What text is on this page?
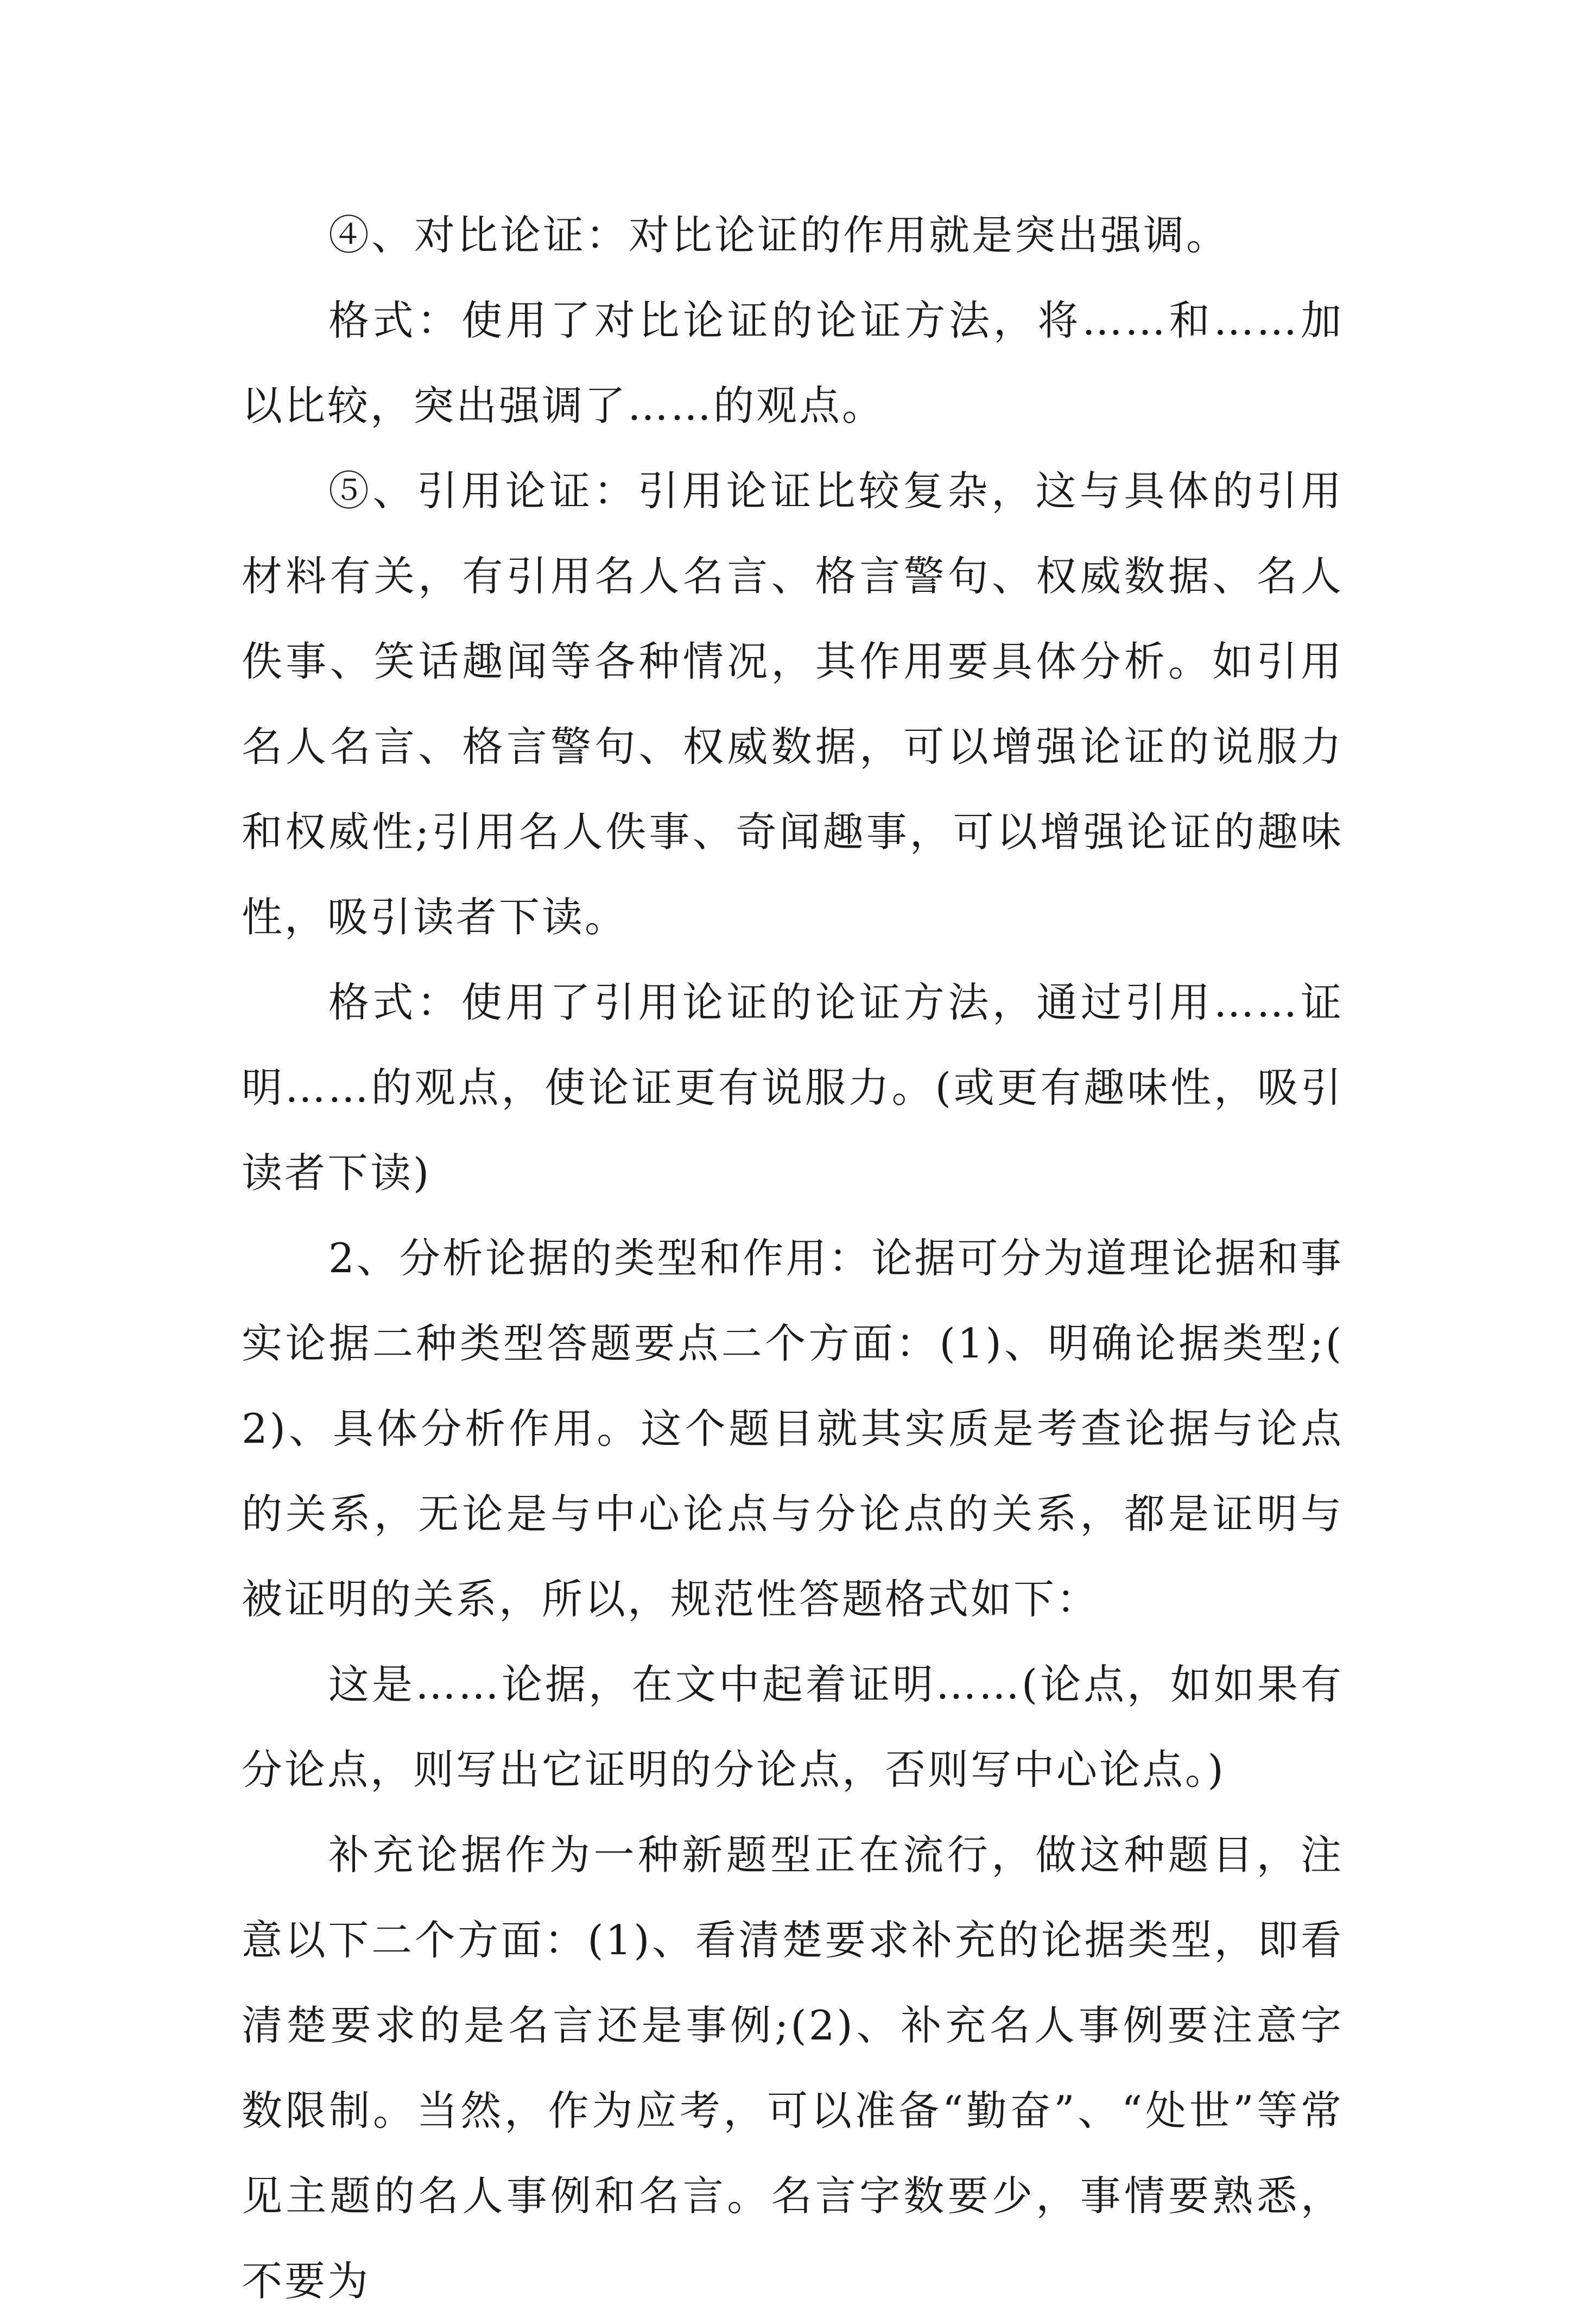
④、对比论证：对比论证的作用就是突出强调。

格式：使用了对比论证的论证方法，将……和……加以比较，突出强调了……的观点。

⑤、引用论证：引用论证比较复杂，这与具体的引用材料有关，有引用名人名言、格言警句、权威数据、名人佚事、笑话趣闻等各种情况，其作用要具体分析。如引用名人名言、格言警句、权威数据，可以增强论证的说服力和权威性;引用名人佚事、奇闻趣事，可以增强论证的趣味性，吸引读者下读。

格式：使用了引用论证的论证方法，通过引用……证明……的观点，使论证更有说服力。(或更有趣味性，吸引读者下读)

2、分析论据的类型和作用：论据可分为道理论据和事实论据二种类型答题要点二个方面：(1)、明确论据类型;(2)、具体分析作用。这个题目就其实质是考查论据与论点的关系，无论是与中心论点与分论点的关系，都是证明与被证明的关系，所以，规范性答题格式如下：

这是……论据，在文中起着证明……(论点，如如果有分论点，则写出它证明的分论点，否则写中心论点。)

补充论据作为一种新题型正在流行，做这种题目，注意以下二个方面：(1)、看清楚要求补充的论据类型，即看清楚要求的是名言还是事例;(2)、补充名人事例要注意字数限制。当然，作为应考，可以准备“勤奋”、“处世”等常见主题的名人事例和名言。名言字数要少，事情要熟悉，不要为
